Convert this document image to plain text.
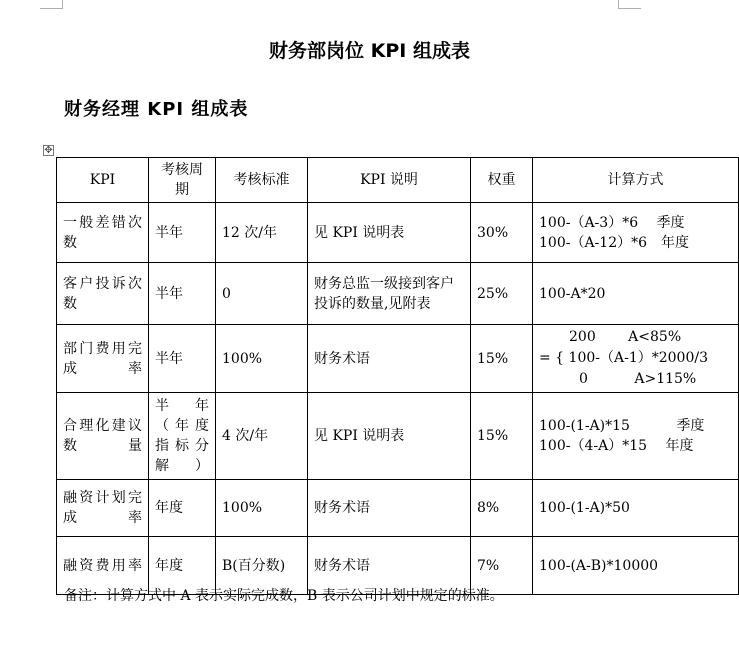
财务部岗位 KPI 组成表
财务经理 KPI 组成表
✥
KPI	考核周期	考核标准	KPI 说明	权重	计算方式

一般差错次数	半年	12 次/年	见 KPI 说明表	30%	100-（A-3）*6　 季度
100-（A-12）*6　年度

客户投诉次数	半年	0	财务总监一级接到客户投诉的数量,见附表	25%	100-A*20

部门费用完成率	半年	100%	财务术语	15%	200　　 A<85%
= { 100-（A-1）*2000/3
0　　　 A>115%

合理化建议数量	半年（年度指标分解）	4 次/年	见 KPI 说明表	15%	100-(1-A)*15　　　 季度
100-（4-A）*15　 年度

融资计划完成率	年度	100%	财务术语	8%	100-(1-A)*50

融资费用率	年度	B(百分数)	财务术语	7%	100-(A-B)*10000
备注：计算方式中 A 表示实际完成数，B 表示公司计划中规定的标准。
